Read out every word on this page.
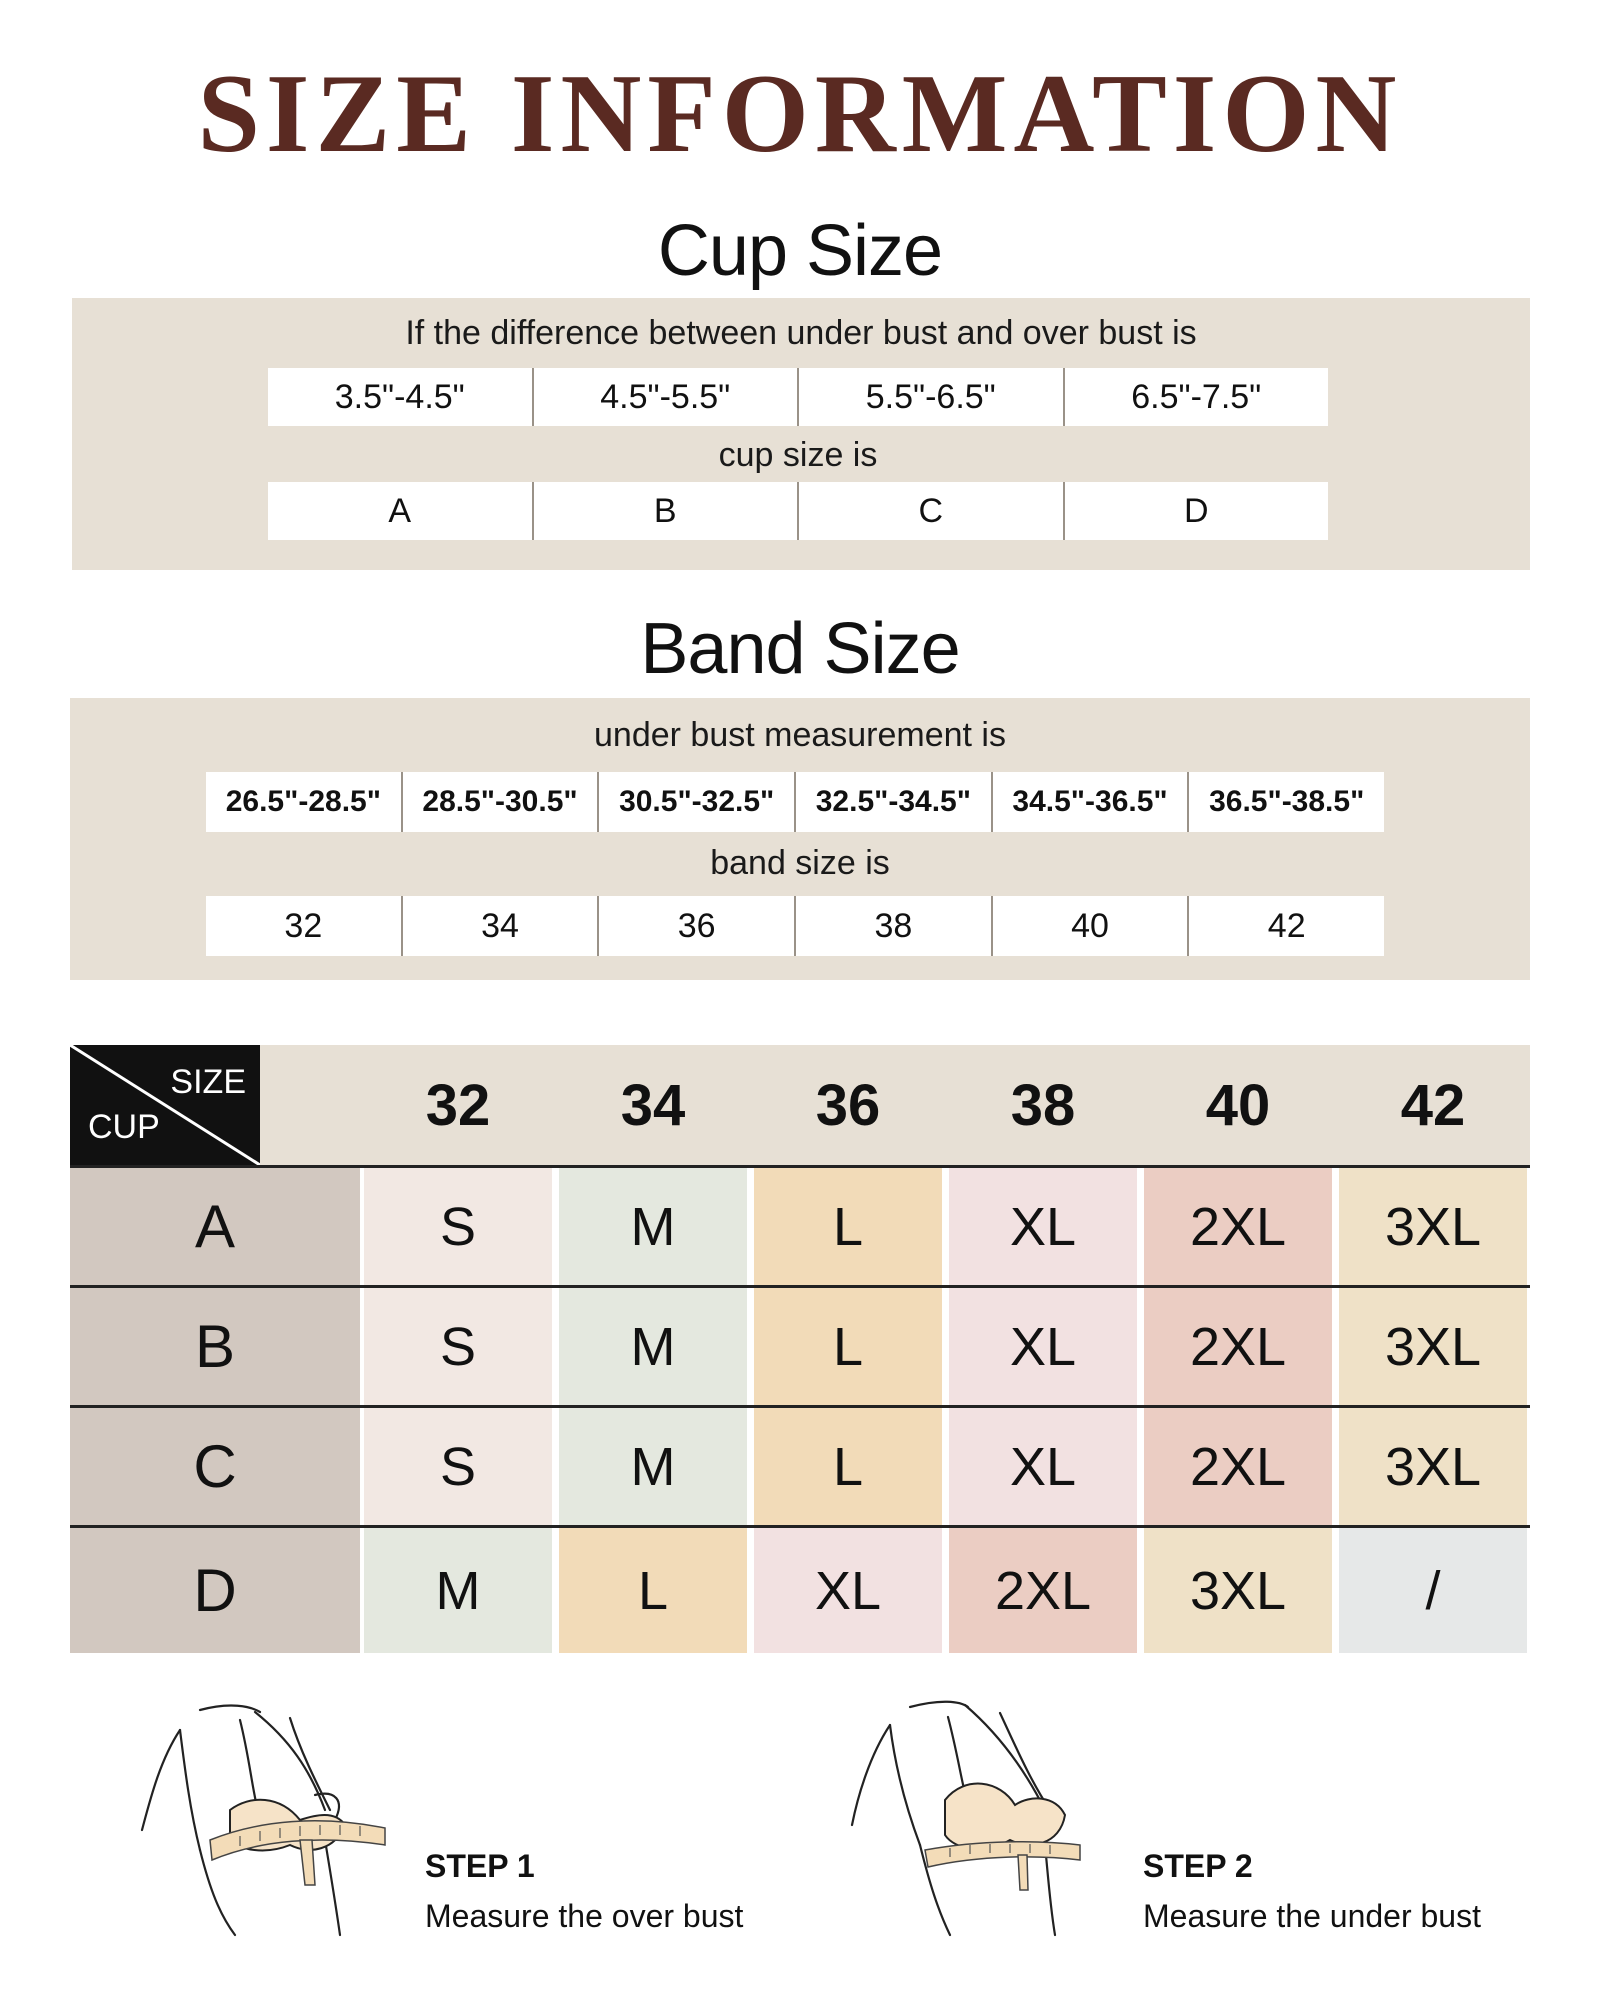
SIZE INFORMATION
Cup Size
If the difference between under bust and over bust is
3.5"-4.5"	4.5"-5.5"	5.5"-6.5"	6.5"-7.5"
cup size is
A	B	C	D
Band Size
under bust measurement is
26.5"-28.5"	28.5"-30.5"	30.5"-32.5"	32.5"-34.5"	34.5"-36.5"	36.5"-38.5"
band size is
32	34	36	38	40	42
SIZE
CUP	32	34	36	38	40	42
A	S	M	L	XL	2XL	3XL
B	S	M	L	XL	2XL	3XL
C	S	M	L	XL	2XL	3XL
D	M	L	XL	2XL	3XL	/
STEP 1
Measure the over bust
STEP 2
Measure the under bust
